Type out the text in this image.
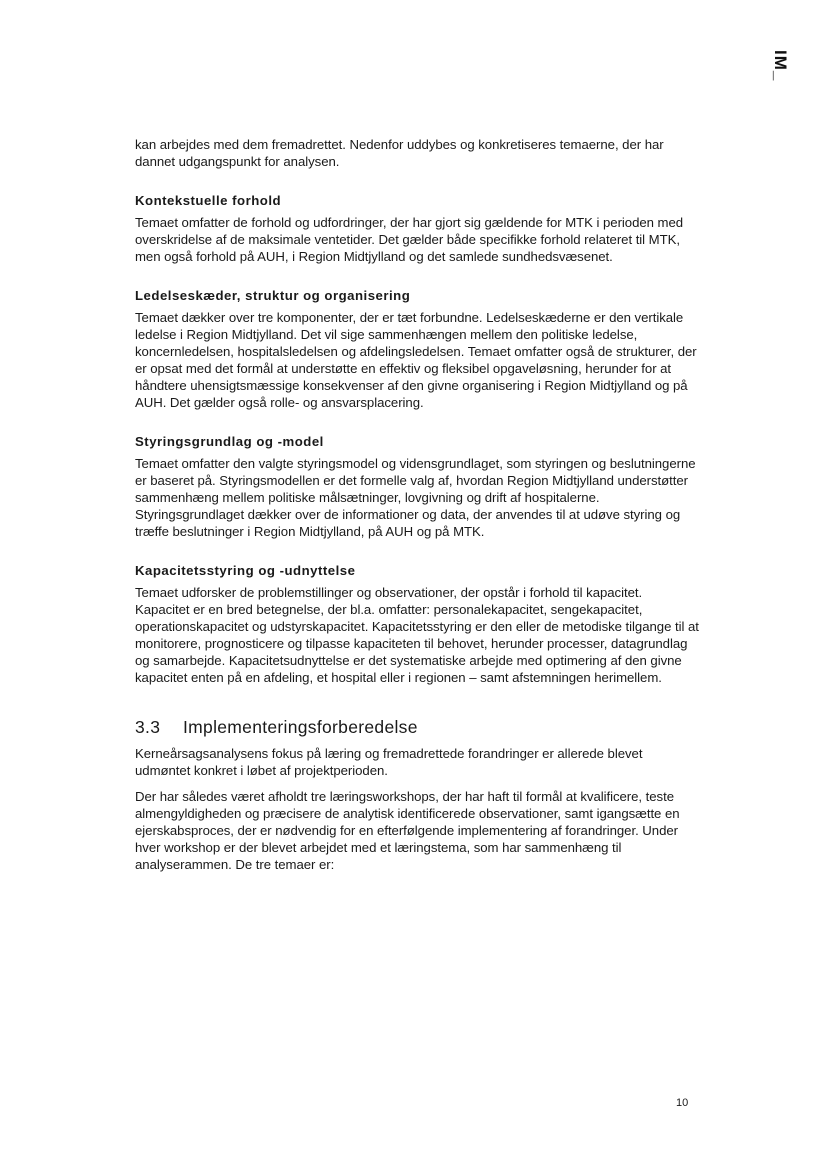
IM_

kan arbejdes med dem fremadrettet. Nedenfor uddybes og konkretiseres temaerne, der har dannet udgangspunkt for analysen.

Kontekstuelle forhold

Temaet omfatter de forhold og udfordringer, der har gjort sig gældende for MTK i perioden med overskridelse af de maksimale ventetider. Det gælder både specifikke forhold relateret til MTK, men også forhold på AUH, i Region Midtjylland og det samlede sundhedsvæsenet.

Ledelseskæder, struktur og organisering

Temaet dækker over tre komponenter, der er tæt forbundne. Ledelseskæderne er den vertikale ledelse i Region Midtjylland. Det vil sige sammenhængen mellem den politiske ledelse, koncernledelsen, hospitalsledelsen og afdelingsledelsen. Temaet omfatter også de strukturer, der er opsat med det formål at understøtte en effektiv og fleksibel opgaveløsning, herunder for at håndtere uhensigtsmæssige konsekvenser af den givne organisering i Region Midtjylland og på AUH. Det gælder også rolle- og ansvarsplacering.

Styringsgrundlag og -model

Temaet omfatter den valgte styringsmodel og vidensgrundlaget, som styringen og beslutningerne er baseret på. Styringsmodellen er det formelle valg af, hvordan Region Midtjylland understøtter sammenhæng mellem politiske målsætninger, lovgivning og drift af hospitalerne. Styringsgrundlaget dækker over de informationer og data, der anvendes til at udøve styring og træffe beslutninger i Region Midtjylland, på AUH og på MTK.

Kapacitetsstyring og -udnyttelse

Temaet udforsker de problemstillinger og observationer, der opstår i forhold til kapacitet. Kapacitet er en bred betegnelse, der bl.a. omfatter: personalekapacitet, sengekapacitet, operationskapacitet og udstyrskapacitet. Kapacitetsstyring er den eller de metodiske tilgange til at monitorere, prognosticere og tilpasse kapaciteten til behovet, herunder processer, datagrundlag og samarbejde. Kapacitetsudnyttelse er det systematiske arbejde med optimering af den givne kapacitet enten på en afdeling, et hospital eller i regionen – samt afstemningen herimellem.

3.3 Implementeringsforberedelse

Kerneårsagsanalysens fokus på læring og fremadrettede forandringer er allerede blevet udmøntet konkret i løbet af projektperioden.

Der har således været afholdt tre læringsworkshops, der har haft til formål at kvalificere, teste almengyldigheden og præcisere de analytisk identificerede observationer, samt igangsætte en ejerskabsproces, der er nødvendig for en efterfølgende implementering af forandringer. Under hver workshop er der blevet arbejdet med et læringstema, som har sammenhæng til analyserammen. De tre temaer er:

10
